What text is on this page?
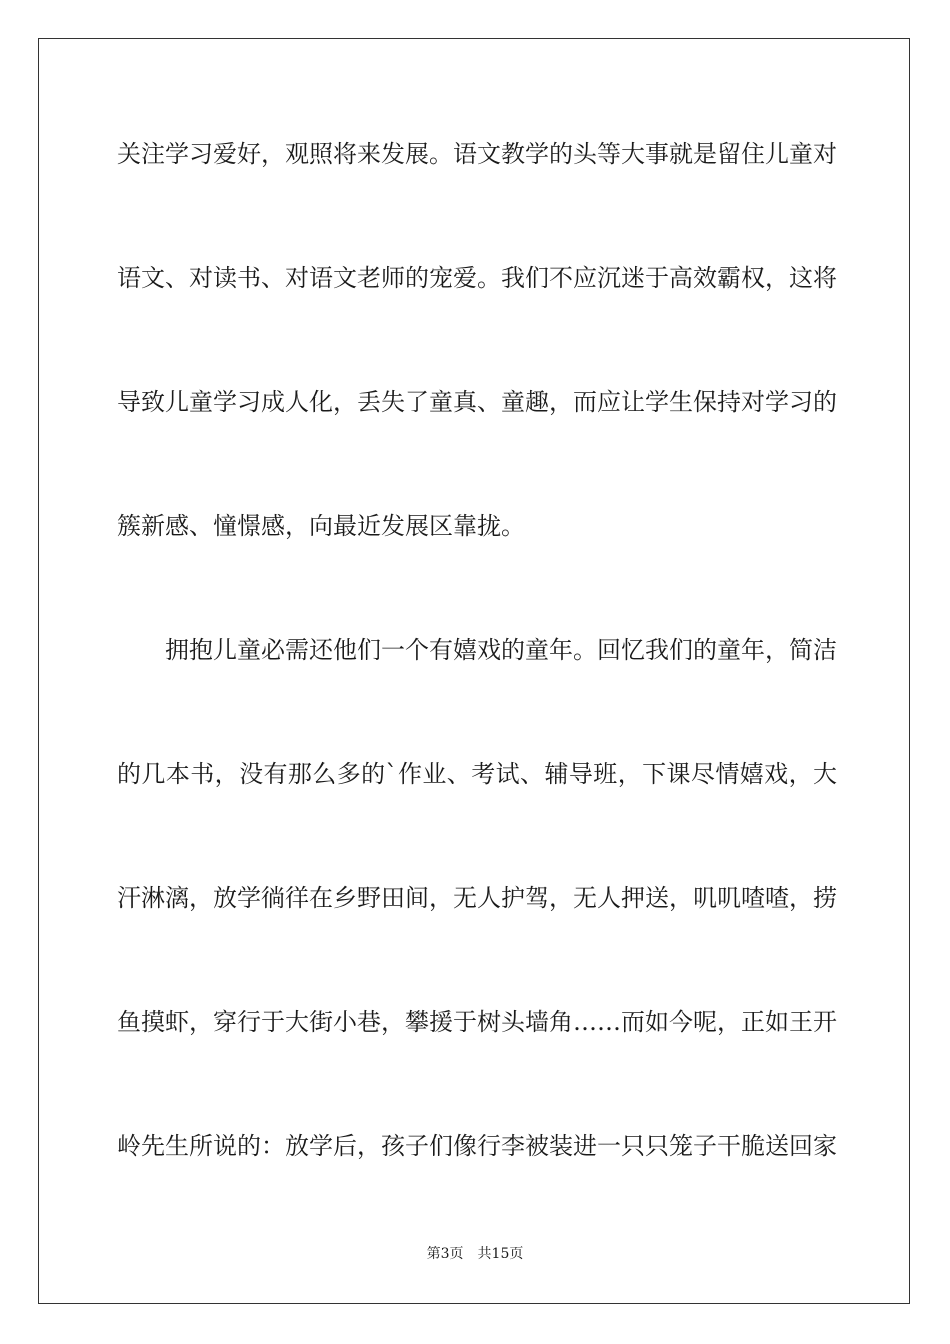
关注学习爱好，观照将来发展。语文教学的头等大事就是留住儿童对
语文、对读书、对语文老师的宠爱。我们不应沉迷于高效霸权，这将
导致儿童学习成人化，丢失了童真、童趣，而应让学生保持对学习的
簇新感、憧憬感，向最近发展区靠拢。
拥抱儿童必需还他们一个有嬉戏的童年。回忆我们的童年，简洁
的几本书，没有那么多的`作业、考试、辅导班，下课尽情嬉戏，大
汗淋漓，放学徜徉在乡野田间，无人护驾，无人押送，叽叽喳喳，捞
鱼摸虾，穿行于大街小巷，攀援于树头墙角……而如今呢，正如王开
岭先生所说的：放学后，孩子们像行李被装进一只只笼子干脆送回家
第3页 共15页
